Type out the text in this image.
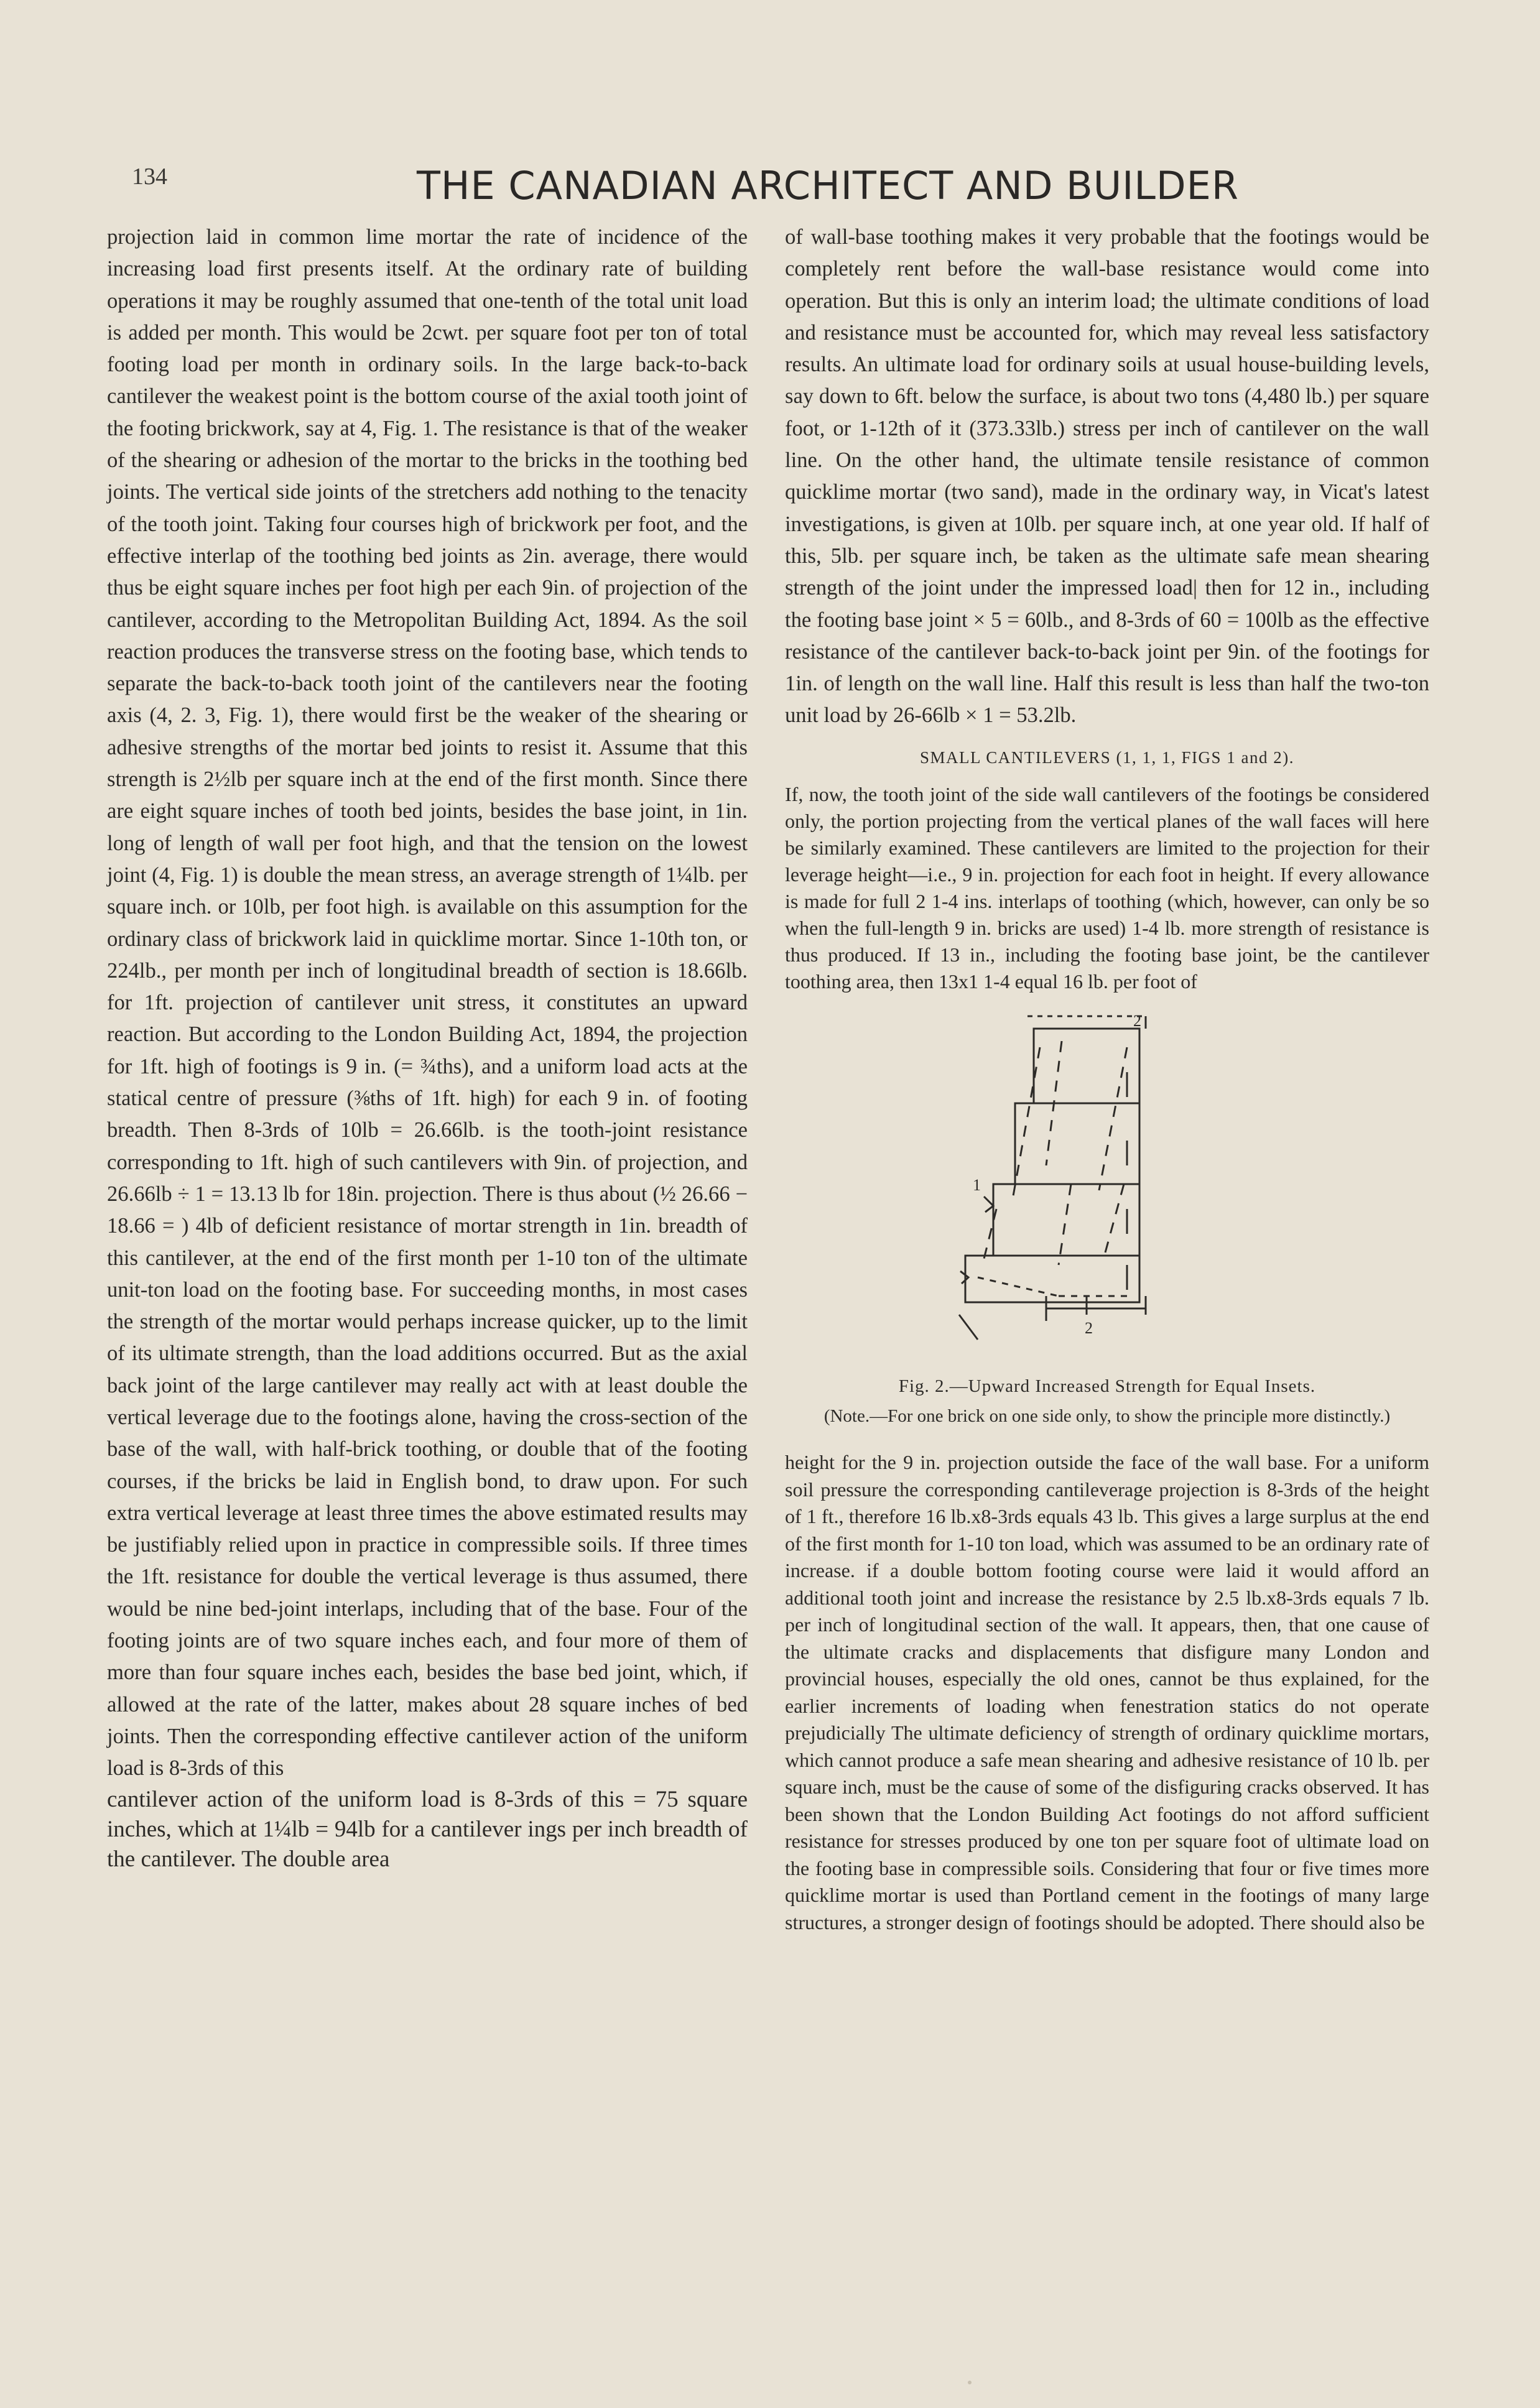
134	THE CANADIAN ARCHITECT AND BUILDER

projection laid in common lime mortar the rate of incidence of the increasing load first presents itself. At the ordinary rate of building operations it may be roughly assumed that one-tenth of the total unit load is added per month. This would be 2cwt. per square foot per ton of total footing load per month in ordinary soils. In the large back-to-back cantilever the weakest point is the bottom course of the axial tooth joint of the footing brickwork, say at 4, Fig. 1. The resistance is that of the weaker of the shearing or adhesion of the mortar to the bricks in the toothing bed joints. The vertical side joints of the stretchers add nothing to the tenacity of the tooth joint. Taking four courses high of brickwork per foot, and the effective interlap of the toothing bed joints as 2in. average, there would thus be eight square inches per foot high per each 9in. of projection of the cantilever, according to the Metropolitan Building Act, 1894. As the soil reaction produces the transverse stress on the footing base, which tends to separate the back-to-back tooth joint of the cantilevers near the footing axis (4, 2. 3, Fig. 1), there would first be the weaker of the shearing or adhesive strengths of the mortar bed joints to resist it. Assume that this strength is 2½lb per square inch at the end of the first month. Since there are eight square inches of tooth bed joints, besides the base joint, in 1in. long of length of wall per foot high, and that the tension on the lowest joint (4, Fig. 1) is double the mean stress, an average strength of 1¼lb. per square inch. or 10lb, per foot high. is available on this assumption for the ordinary class of brickwork laid in quicklime mortar. Since 1-10th ton, or 224lb., per month per inch of longitudinal breadth of section is 18.66lb. for 1ft. projection of cantilever unit stress, it constitutes an upward reaction. But according to the London Building Act, 1894, the projection for 1ft. high of footings is 9 in. (= ¾ths), and a uniform load acts at the statical centre of pressure (⅜ths of 1ft. high) for each 9 in. of footing breadth. Then 8-3rds of 10lb = 26.66lb. is the tooth-joint resistance corresponding to 1ft. high of such cantilevers with 9in. of projection, and 26.66lb ÷ 1 = 13.13 lb for 18in. projection. There is thus about (½ 26.66 − 18.66 = ) 4lb of deficient resistance of mortar strength in 1in. breadth of this cantilever, at the end of the first month per 1-10 ton of the ultimate unit-ton load on the footing base. For succeeding months, in most cases the strength of the mortar would perhaps increase quicker, up to the limit of its ultimate strength, than the load additions occurred. But as the axial back joint of the large cantilever may really act with at least double the vertical leverage due to the footings alone, having the cross-section of the base of the wall, with half-brick toothing, or double that of the footing courses, if the bricks be laid in English bond, to draw upon. For such extra vertical leverage at least three times the above estimated results may be justifiably relied upon in practice in compressible soils. If three times the 1ft. resistance for double the vertical leverage is thus assumed, there would be nine bed-joint interlaps, including that of the base. Four of the footing joints are of two square inches each, and four more of them of more than four square inches each, besides the base bed joint, which, if allowed at the rate of the latter, makes about 28 square inches of bed joints. Then the corresponding effective cantilever action of the uniform load is 8-3rds of this

cantilever action of the uniform load is 8-3rds of this = 75 square inches, which at 1¼lb = 94lb for a cantilever ings per inch breadth of the cantilever. The double area

of wall-base toothing makes it very probable that the footings would be completely rent before the wall-base resistance would come into operation. But this is only an interim load; the ultimate conditions of load and resistance must be accounted for, which may reveal less satisfactory results. An ultimate load for ordinary soils at usual house-building levels, say down to 6ft. below the surface, is about two tons (4,480 lb.) per square foot, or 1-12th of it (373.33lb.) stress per inch of cantilever on the wall line. On the other hand, the ultimate tensile resistance of common quicklime mortar (two sand), made in the ordinary way, in Vicat's latest investigations, is given at 10lb. per square inch, at one year old. If half of this, 5lb. per square inch, be taken as the ultimate safe mean shearing strength of the joint under the impressed load| then for 12 in., including the footing base joint × 5 = 60lb., and 8-3rds of 60 = 100lb as the effective resistance of the cantilever back-to-back joint per 9in. of the footings for 1in. of length on the wall line. Half this result is less than half the two-ton unit load by 26-66lb × 1 = 53.2lb.

SMALL CANTILEVERS (1, 1, 1, FIGS 1 and 2).

If, now, the tooth joint of the side wall cantilevers of the footings be considered only, the portion projecting from the vertical planes of the wall faces will here be similarly examined. These cantilevers are limited to the projection for their leverage height—i.e., 9 in. projection for each foot in height. If every allowance is made for full 2 1-4 ins. interlaps of toothing (which, however, can only be so when the full-length 9 in. bricks are used) 1-4 lb. more strength of resistance is thus produced. If 13 in., including the footing base joint, be the cantilever toothing area, then 13x1 1-4 equal 16 lb. per foot of

2
1
2
Fig. 2.—Upward Increased Strength for Equal Insets.
(Note.—For one brick on one side only, to show the principle more distinctly.)

height for the 9 in. projection outside the face of the wall base. For a uniform soil pressure the corresponding cantileverage projection is 8-3rds of the height of 1 ft., therefore 16 lb.x8-3rds equals 43 lb. This gives a large surplus at the end of the first month for 1-10 ton load, which was assumed to be an ordinary rate of increase. if a double bottom footing course were laid it would afford an additional tooth joint and increase the resistance by 2.5 lb.x8-3rds equals 7 lb. per inch of longitudinal section of the wall. It appears, then, that one cause of the ultimate cracks and displacements that disfigure many London and provincial houses, especially the old ones, cannot be thus explained, for the earlier increments of loading when fenestration statics do not operate prejudicially The ultimate deficiency of strength of ordinary quicklime mortars, which cannot produce a safe mean shearing and adhesive resistance of 10 lb. per square inch, must be the cause of some of the disfiguring cracks observed. It has been shown that the London Building Act footings do not afford sufficient resistance for stresses produced by one ton per square foot of ultimate load on the footing base in compressible soils. Considering that four or five times more quicklime mortar is used than Portland cement in the footings of many large structures, a stronger design of footings should be adopted. There should also be
